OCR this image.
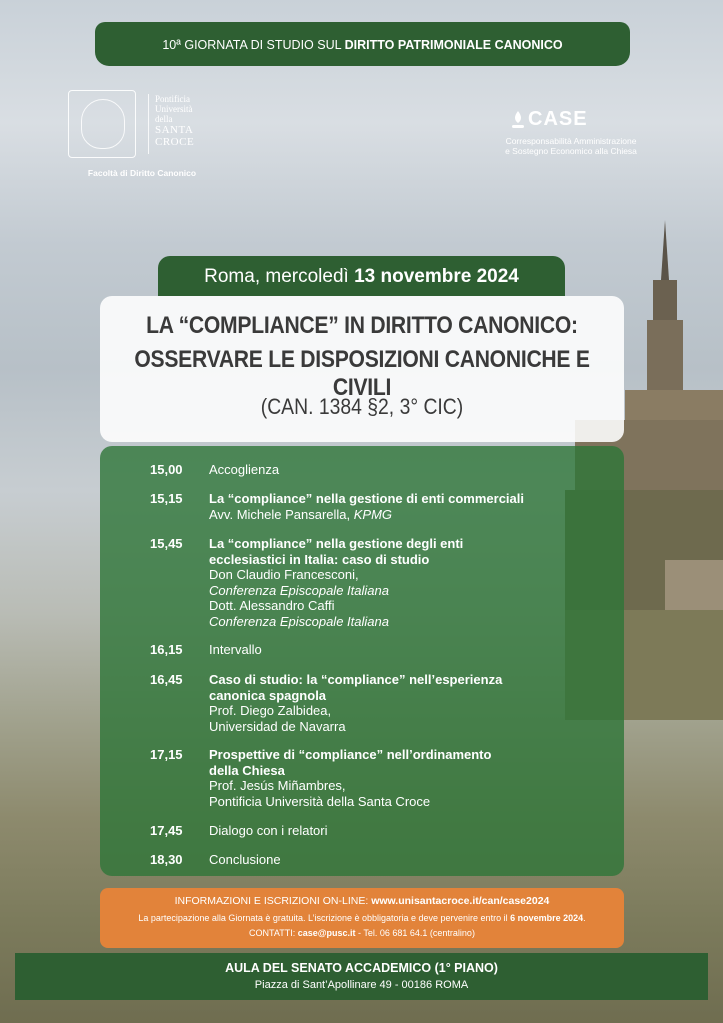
10ª GIORNATA DI STUDIO SUL DIRITTO PATRIMONIALE CANONICO
Pontificia
Università
della
SANTA
CROCE
Facoltà di Diritto Canonico
CASE
Corresponsabilità Amministrazione
e Sostegno Economico alla Chiesa
Roma, mercoledì 13 novembre 2024
LA “COMPLIANCE” IN DIRITTO CANONICO:
OSSERVARE LE DISPOSIZIONI CANONICHE E CIVILI
(CAN. 1384 §2, 3° CIC)
15,00 Accoglienza
15,15 La “compliance” nella gestione di enti commerciali
Avv. Michele Pansarella, KPMG
15,45 La “compliance” nella gestione degli enti
ecclesiastici in Italia: caso di studio
Don Claudio Francesconi,
Conferenza Episcopale Italiana
Dott. Alessandro Caffi
Conferenza Episcopale Italiana
16,15 Intervallo
16,45 Caso di studio: la “compliance” nell’esperienza
canonica spagnola
Prof. Diego Zalbidea,
Universidad de Navarra
17,15 Prospettive di “compliance” nell’ordinamento
della Chiesa
Prof. Jesús Miñambres,
Pontificia Università della Santa Croce
17,45 Dialogo con i relatori
18,30 Conclusione
INFORMAZIONI E ISCRIZIONI ON-LINE: www.unisantacroce.it/can/case2024
La partecipazione alla Giornata è gratuita. L’iscrizione è obbligatoria e deve pervenire entro il 6 novembre 2024.
CONTATTI: case@pusc.it - Tel. 06 681 64.1 (centralino)
AULA DEL SENATO ACCADEMICO (1° PIANO)
Piazza di Sant’Apollinare 49 - 00186 ROMA
